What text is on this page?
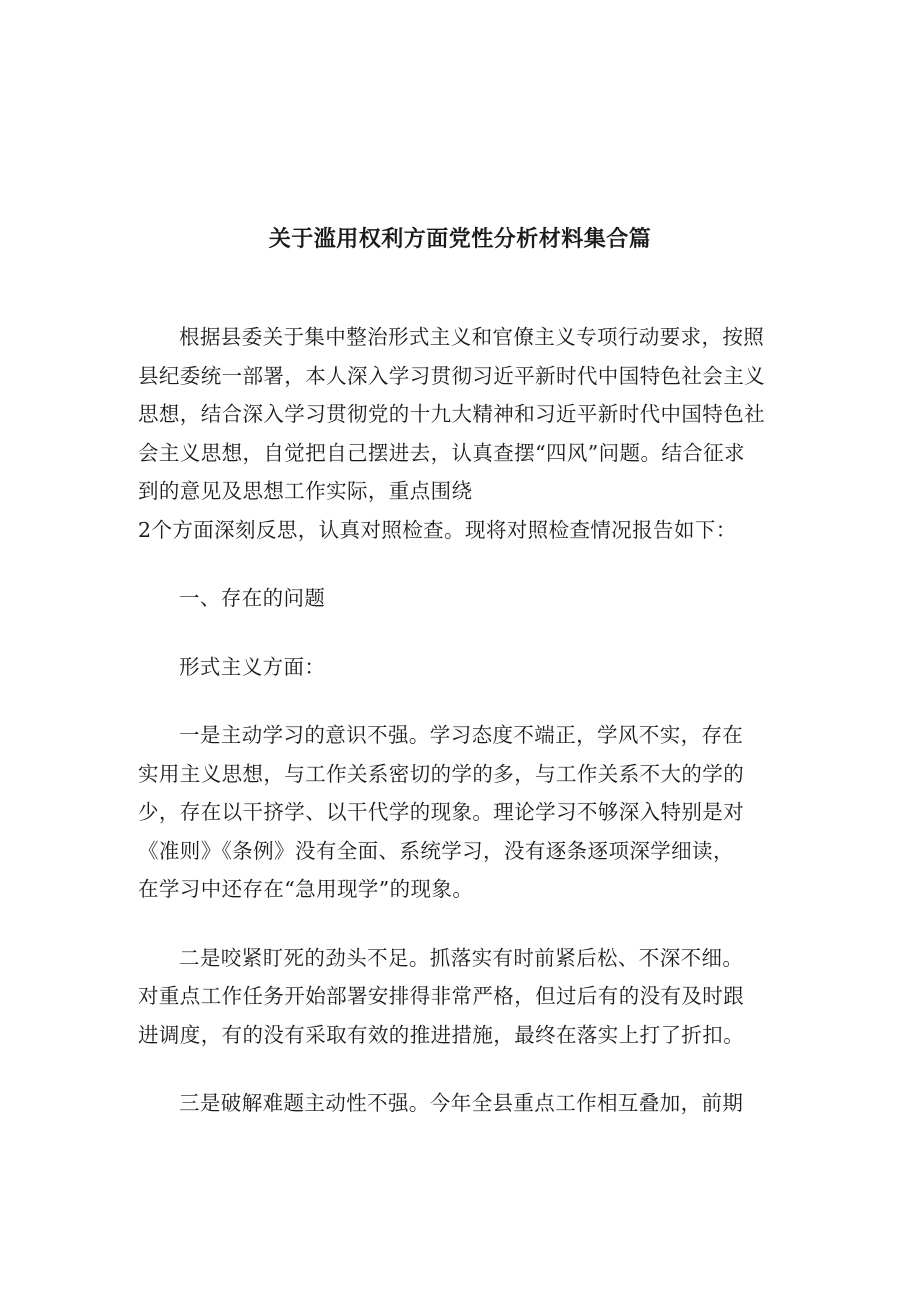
关于滥用权利方面党性分析材料集合篇

根据县委关于集中整治形式主义和官僚主义专项行动要求，按照
县纪委统一部署，本人深入学习贯彻习近平新时代中国特色社会主义
思想，结合深入学习贯彻党的十九大精神和习近平新时代中国特色社
会主义思想，自觉把自己摆进去，认真查摆“四风”问题。结合征求
到的意见及思想工作实际，重点围绕

2个方面深刻反思，认真对照检查。现将对照检查情况报告如下：

一、存在的问题

形式主义方面：

一是主动学习的意识不强。学习态度不端正，学风不实，存在
实用主义思想，与工作关系密切的学的多，与工作关系不大的学的
少，存在以干挤学、以干代学的现象。理论学习不够深入特别是对
《准则》《条例》没有全面、系统学习，没有逐条逐项深学细读，
在学习中还存在“急用现学”的现象。

二是咬紧盯死的劲头不足。抓落实有时前紧后松、不深不细。
对重点工作任务开始部署安排得非常严格，但过后有的没有及时跟
进调度，有的没有采取有效的推进措施，最终在落实上打了折扣。

三是破解难题主动性不强。今年全县重点工作相互叠加，前期
